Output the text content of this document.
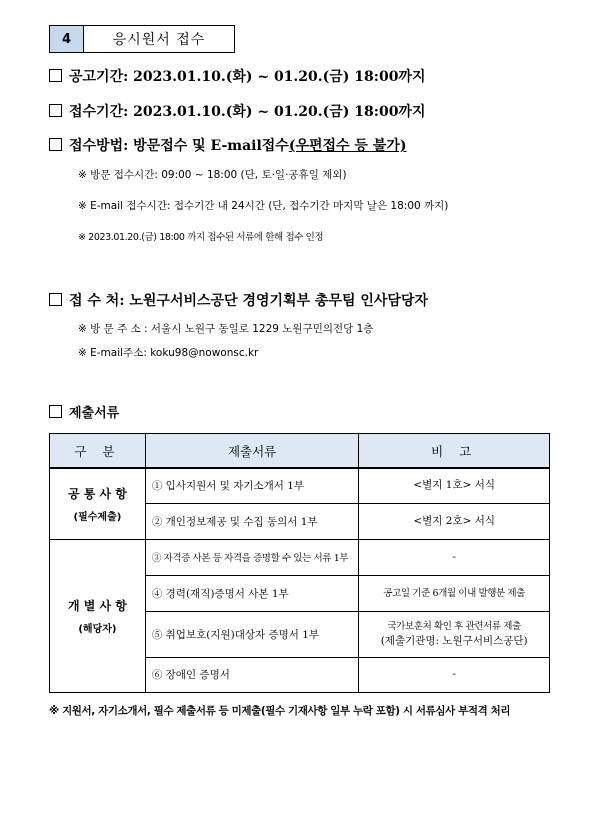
4	응시원서 접수
공고기간: 2023.01.10.(화) ~ 01.20.(금) 18:00까지
접수기간: 2023.01.10.(화) ~ 01.20.(금) 18:00까지
접수방법: 방문접수 및 E-mail접수(우편접수 등 불가)
※ 방문 접수시간: 09:00 ~ 18:00 (단, 토·일·공휴일 제외)
※ E-mail 접수시간: 접수기간 내 24시간 (단, 접수기간 마지막 날은 18:00 까지)
※ 2023.01.20.(금) 18:00 까지 접수된 서류에 한해 접수 인정
접 수 처: 노원구서비스공단 경영기획부 총무팀 인사담당자
※ 방 문 주 소 : 서울시 노원구 동일로 1229 노원구민의전당 1층
※ E-mail주소: koku98@nowonsc.kr
제출서류
구 분	제출서류	비 고
공 통 사 항
(필수제출)	① 입사지원서 및 자기소개서 1부	<별지 1호> 서식
	② 개인정보제공 및 수집 동의서 1부	<별지 2호> 서식
개 별 사 항
(해당자)	③ 자격증 사본 등 자격을 증명할 수 있는 서류 1부	-
	④ 경력(재직)증명서 사본 1부	공고일 기준 6개월 이내 발행분 제출
	⑤ 취업보호(지원)대상자 증명서 1부	국가보훈처 확인 후 관련서류 제출
(제출기관명: 노원구서비스공단)
	⑥ 장애인 증명서	-
※ 지원서, 자기소개서, 필수 제출서류 등 미제출(필수 기재사항 일부 누락 포함) 시 서류심사 부적격 처리
